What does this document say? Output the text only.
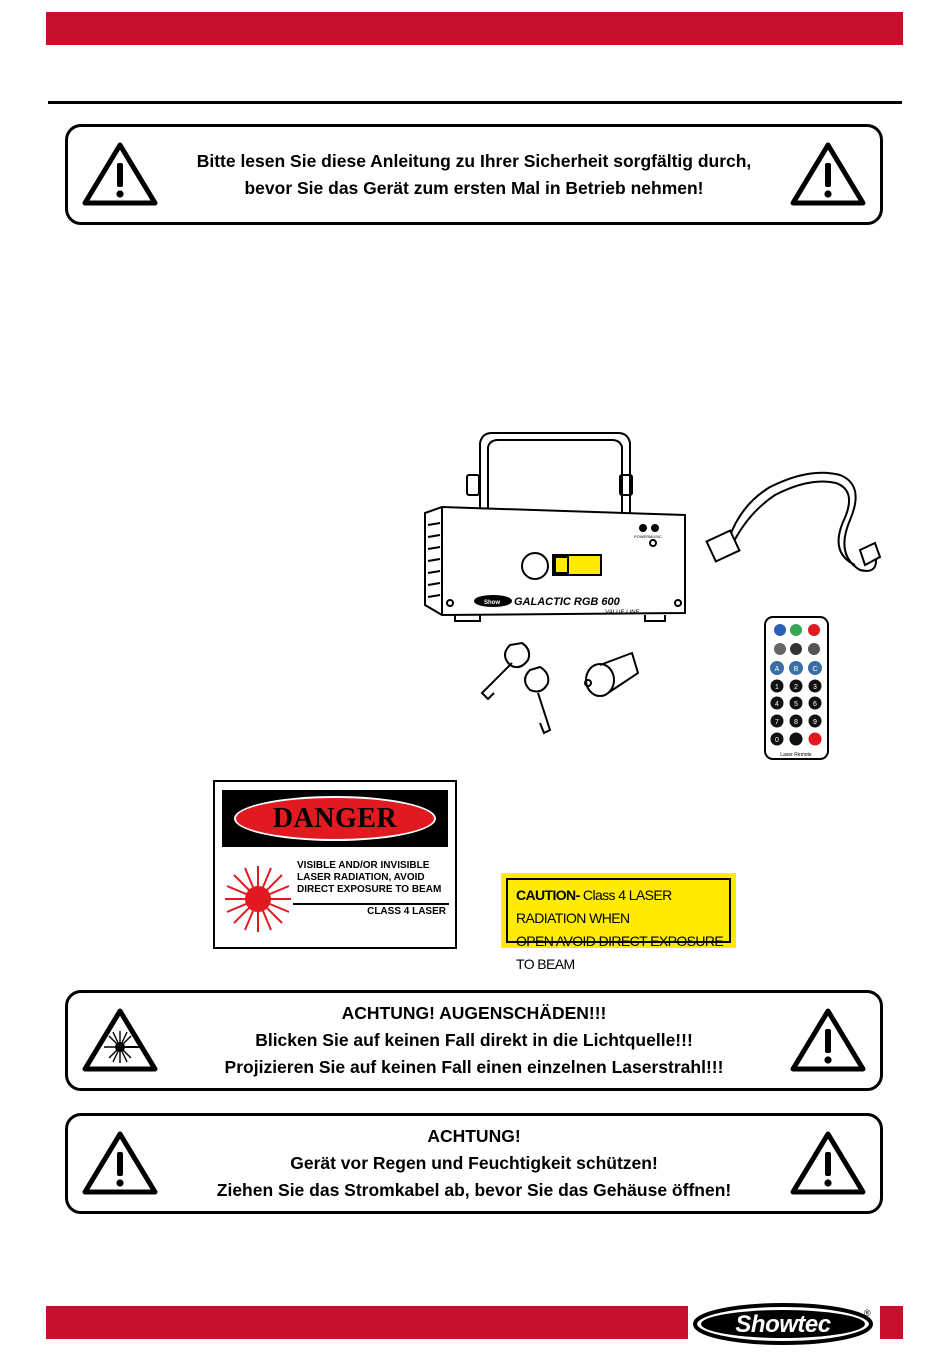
Bitte lesen Sie diese Anleitung zu Ihrer Sicherheit sorgfältig durch,
bevor Sie das Gerät zum ersten Mal in Betrieb nehmen!
Show GALACTIC RGB 600
VALUE LINE
POWER MUSIC
A B C
1 2 3
4 5 6
7 8 9
0
Laser Remote
DANGER
VISIBLE AND/OR INVISIBLE
LASER RADIATION, AVOID
DIRECT EXPOSURE TO BEAM
CLASS 4 LASER
CAUTION- Class 4 LASER RADIATION WHEN
OPEN AVOID DIRECT EXPOSURE TO BEAM
ACHTUNG! AUGENSCHÄDEN!!!
Blicken Sie auf keinen Fall direkt in die Lichtquelle!!!
Projizieren Sie auf keinen Fall einen einzelnen Laserstrahl!!!
ACHTUNG!
Gerät vor Regen und Feuchtigkeit schützen!
Ziehen Sie das Stromkabel ab, bevor Sie das Gehäuse öffnen!
Showtec	®
